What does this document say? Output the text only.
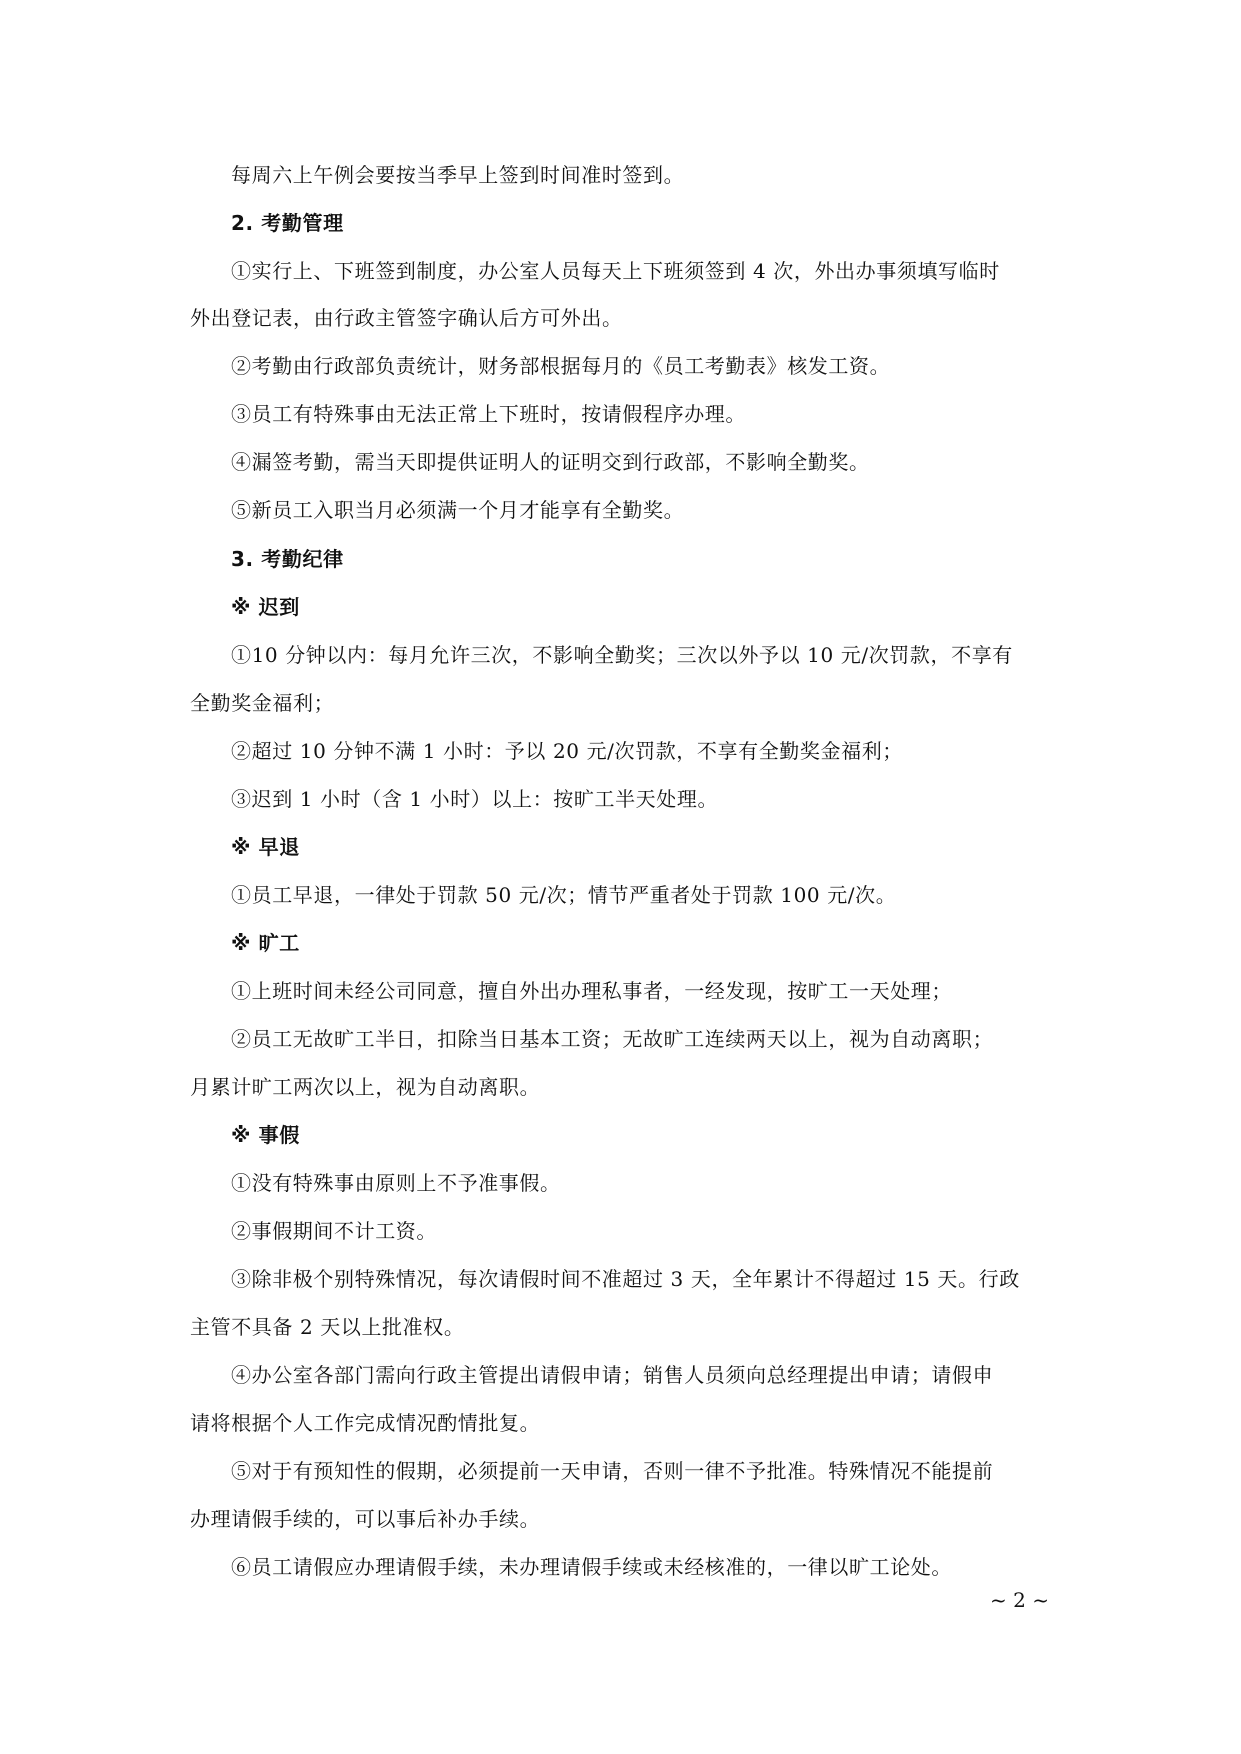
每周六上午例会要按当季早上签到时间准时签到。
2. 考勤管理
①实行上、下班签到制度，办公室人员每天上下班须签到 4 次，外出办事须填写临时
外出登记表，由行政主管签字确认后方可外出。
②考勤由行政部负责统计，财务部根据每月的《员工考勤表》核发工资。
③员工有特殊事由无法正常上下班时，按请假程序办理。
④漏签考勤，需当天即提供证明人的证明交到行政部，不影响全勤奖。
⑤新员工入职当月必须满一个月才能享有全勤奖。
3. 考勤纪律
※ 迟到
①10 分钟以内：每月允许三次，不影响全勤奖；三次以外予以 10 元/次罚款，不享有
全勤奖金福利；
②超过 10 分钟不满 1 小时：予以 20 元/次罚款，不享有全勤奖金福利；
③迟到 1 小时（含 1 小时）以上：按旷工半天处理。
※ 早退
①员工早退，一律处于罚款 50 元/次；情节严重者处于罚款 100 元/次。
※ 旷工
①上班时间未经公司同意，擅自外出办理私事者，一经发现，按旷工一天处理；
②员工无故旷工半日，扣除当日基本工资；无故旷工连续两天以上，视为自动离职；
月累计旷工两次以上，视为自动离职。
※ 事假
①没有特殊事由原则上不予准事假。
②事假期间不计工资。
③除非极个别特殊情况，每次请假时间不准超过 3 天，全年累计不得超过 15 天。行政
主管不具备 2 天以上批准权。
④办公室各部门需向行政主管提出请假申请；销售人员须向总经理提出申请；请假申
请将根据个人工作完成情况酌情批复。
⑤对于有预知性的假期，必须提前一天申请，否则一律不予批准。特殊情况不能提前
办理请假手续的，可以事后补办手续。
⑥员工请假应办理请假手续，未办理请假手续或未经核准的，一律以旷工论处。
~ 2 ~
